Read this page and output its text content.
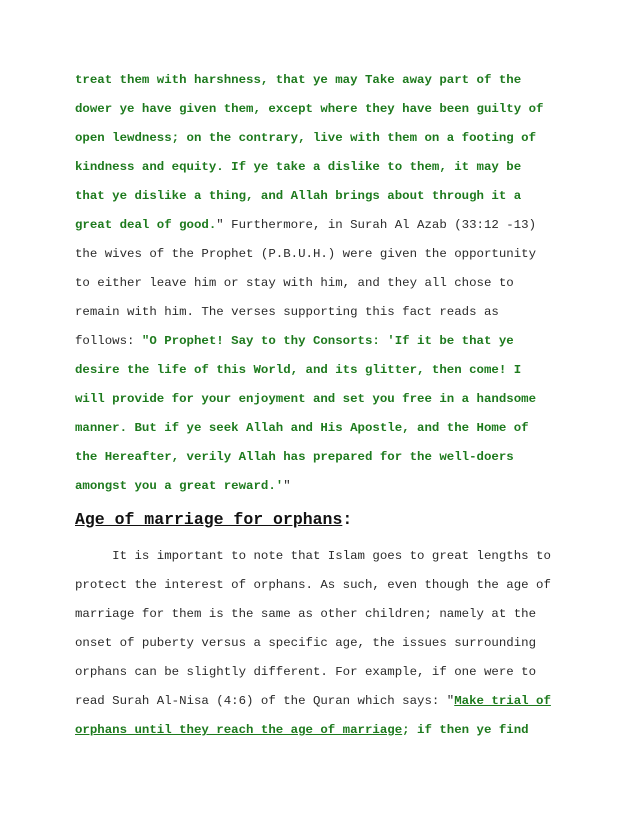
treat them with harshness, that ye may Take away part of the
dower ye have given them, except where they have been guilty of
open lewdness; on the contrary, live with them on a footing of
kindness and equity. If ye take a dislike to them, it may be
that ye dislike a thing, and Allah brings about through it a
great deal of good." Furthermore, in Surah Al Azab (33:12 -13)
the wives of the Prophet (P.B.U.H.) were given the opportunity
to either leave him or stay with him, and they all chose to
remain with him. The verses supporting this fact reads as
follows: "O Prophet! Say to thy Consorts: 'If it be that ye
desire the life of this World, and its glitter, then come! I
will provide for your enjoyment and set you free in a handsome
manner. But if ye seek Allah and His Apostle, and the Home of
the Hereafter, verily Allah has prepared for the well-doers
amongst you a great reward.'"
Age of marriage for orphans:
It is important to note that Islam goes to great lengths to
protect the interest of orphans. As such, even though the age of
marriage for them is the same as other children; namely at the
onset of puberty versus a specific age, the issues surrounding
orphans can be slightly different. For example, if one were to
read Surah Al-Nisa (4:6) of the Quran which says: "Make trial of
orphans until they reach the age of marriage; if then ye find
